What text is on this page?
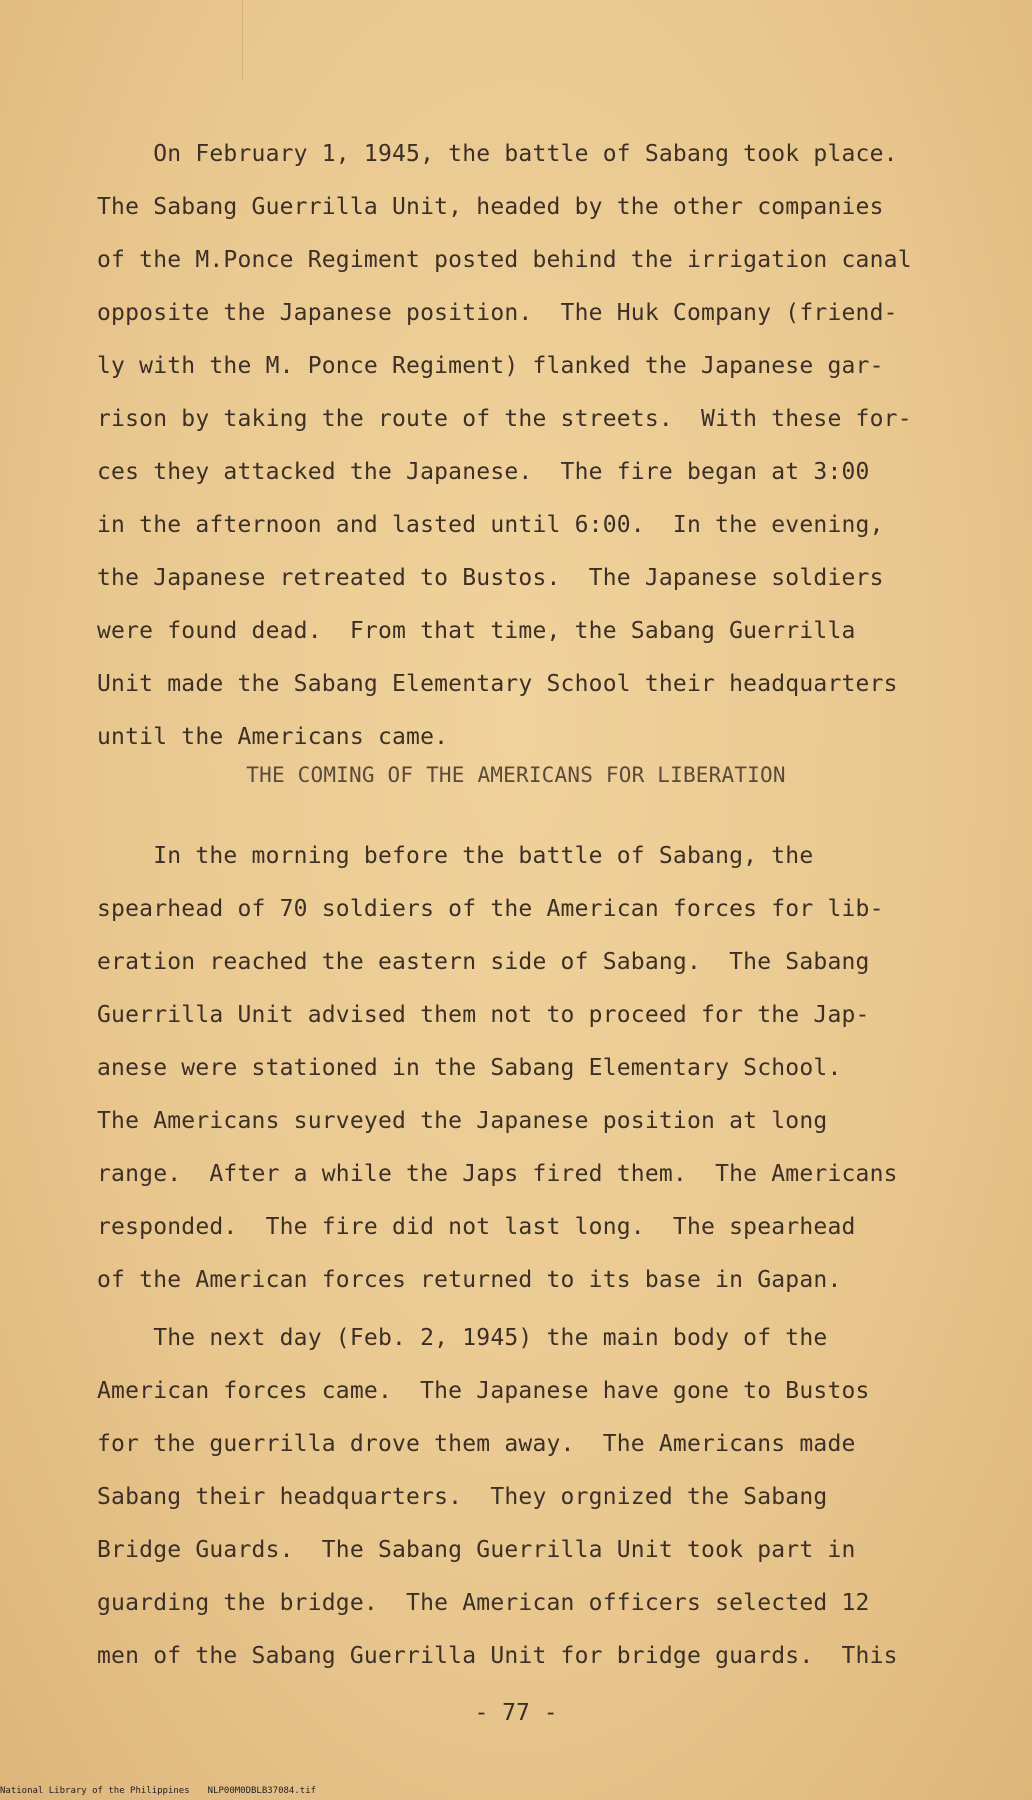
On February 1, 1945, the battle of Sabang took place.
The Sabang Guerrilla Unit, headed by the other companies
of the M.Ponce Regiment posted behind the irrigation canal
opposite the Japanese position.  The Huk Company (friend-
ly with the M. Ponce Regiment) flanked the Japanese gar-
rison by taking the route of the streets.  With these for-
ces they attacked the Japanese.  The fire began at 3:00
in the afternoon and lasted until 6:00.  In the evening,
the Japanese retreated to Bustos.  The Japanese soldiers
were found dead.  From that time, the Sabang Guerrilla
Unit made the Sabang Elementary School their headquarters
until the Americans came.
THE COMING OF THE AMERICANS FOR LIBERATION
In the morning before the battle of Sabang, the
spearhead of 70 soldiers of the American forces for lib-
eration reached the eastern side of Sabang.  The Sabang
Guerrilla Unit advised them not to proceed for the Jap-
anese were stationed in the Sabang Elementary School.
The Americans surveyed the Japanese position at long
range.  After a while the Japs fired them.  The Americans
responded.  The fire did not last long.  The spearhead
of the American forces returned to its base in Gapan.
The next day (Feb. 2, 1945) the main body of the
American forces came.  The Japanese have gone to Bustos
for the guerrilla drove them away.  The Americans made
Sabang their headquarters.  They orgnized the Sabang
Bridge Guards.  The Sabang Guerrilla Unit took part in
guarding the bridge.  The American officers selected 12
men of the Sabang Guerrilla Unit for bridge guards.  This
- 77 -
National Library of the Philippines NLP00M0DBLB37084.tif
